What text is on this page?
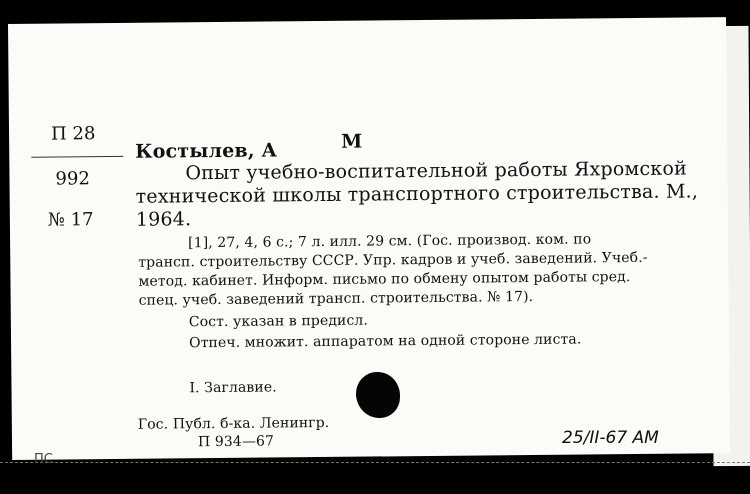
П 28
992
№ 17
Костылев, А	М
Опыт учебно-воспитательной работы Яхромской
технической школы транспортного строительства. М.,
1964.
[1], 27, 4, 6 с.; 7 л. илл. 29 см. (Гос. производ. ком. по
трансп. строительству СССР. Упр. кадров и учеб. заведений. Учеб.-
метод. кабинет. Информ. письмо по обмену опытом работы сред.
спец. учеб. заведений трансп. строительства. № 17).
Сост. указан в предисл.
Отпеч. множит. аппаратом на одной стороне листа.
I. Заглавие.
Гос. Публ. б-ка. Ленингр.
П 934—67	25/II-67 AM
ПС
